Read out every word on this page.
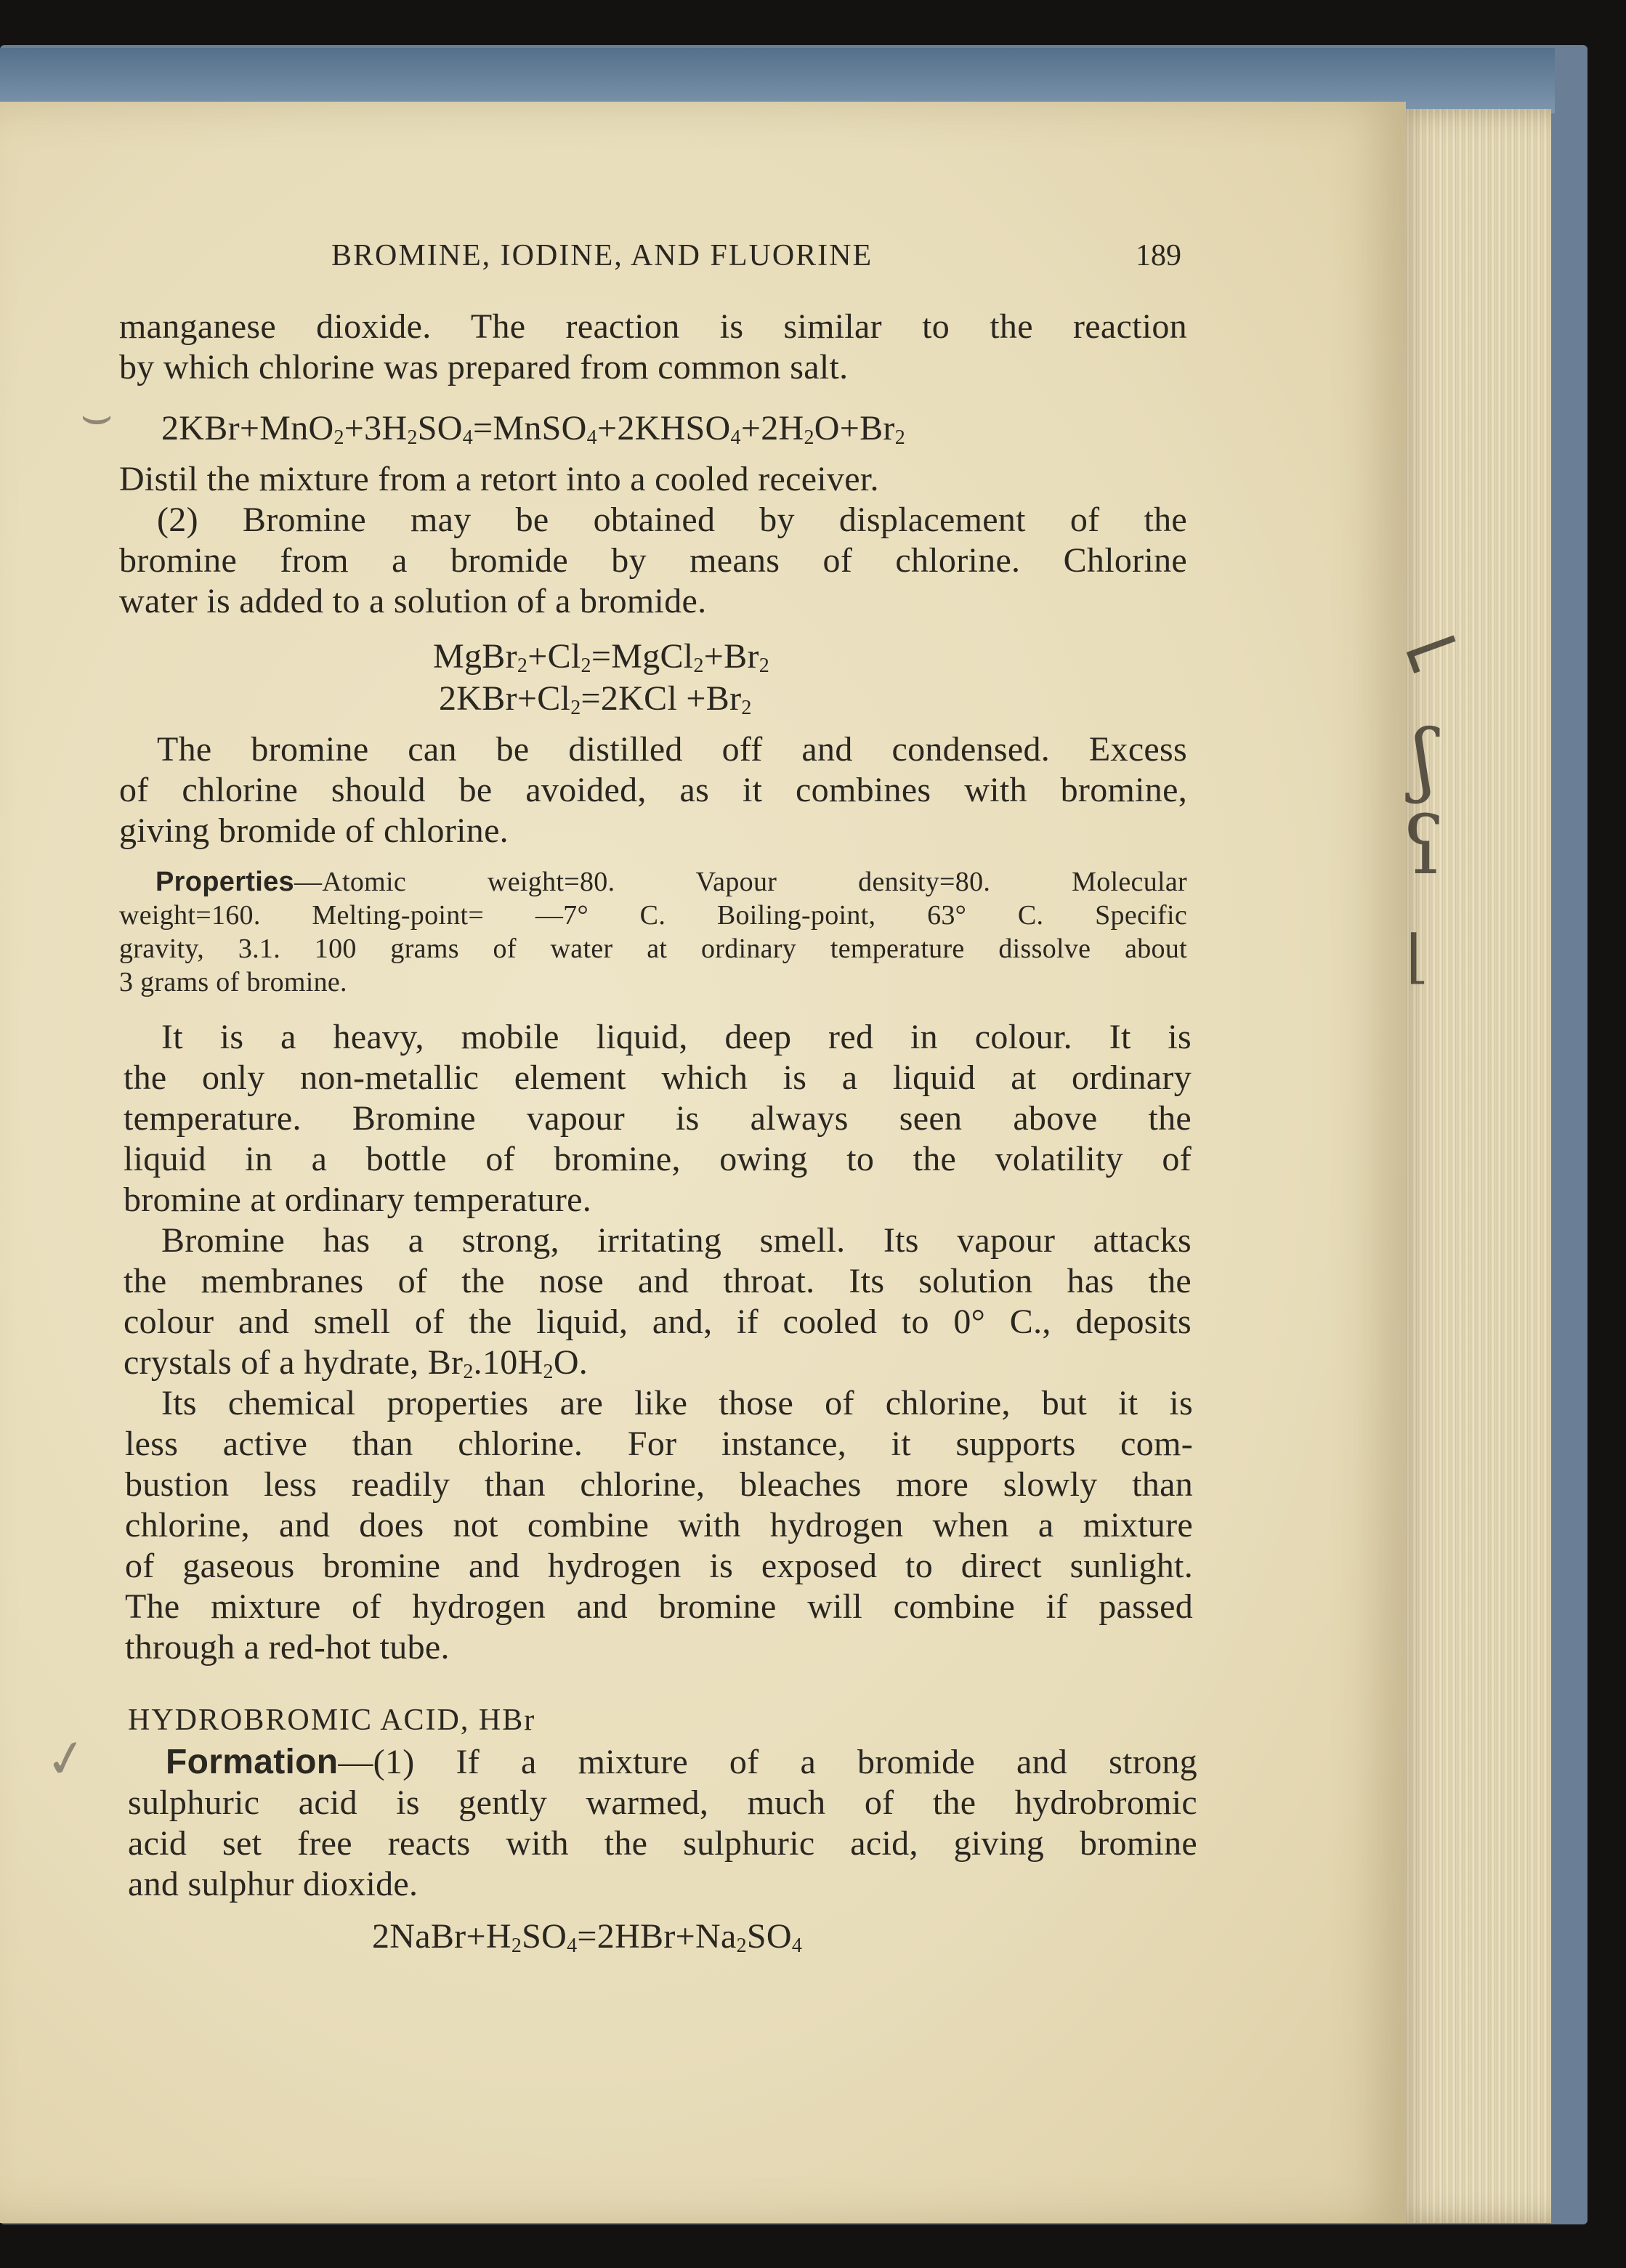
⌐
ʃ
ʕ
⌊
BROMINE, IODINE, AND FLUORINE	189
manganese dioxide. The reaction is similar to the reaction
by which chlorine was prepared from common salt.
⌣ $2KBr+MnO_2+3H_2SO_4=MnSO_4+2KHSO_4+2H_2O+Br_2$
Distil the mixture from a retort into a cooled receiver.
(2) Bromine may be obtained by displacement of the
bromine from a bromide by means of chlorine. Chlorine
water is added to a solution of a bromide.
$MgBr_2+Cl_2=MgCl_2+Br_2$
$2KBr+Cl_2=2KCl +Br_2$
The bromine can be distilled off and condensed. Excess
of chlorine should be avoided, as it combines with bromine,
giving bromide of chlorine.
Properties—Atomic weight=80. Vapour density=80. Molecular
weight=160. Melting-point= —7° C. Boiling-point, 63° C. Specific
gravity, 3.1. 100 grams of water at ordinary temperature dissolve about
3 grams of bromine.
It is a heavy, mobile liquid, deep red in colour. It is
the only non-metallic element which is a liquid at ordinary
temperature. Bromine vapour is always seen above the
liquid in a bottle of bromine, owing to the volatility of
bromine at ordinary temperature.
Bromine has a strong, irritating smell. Its vapour attacks
the membranes of the nose and throat. Its solution has the
colour and smell of the liquid, and, if cooled to 0° C., deposits
crystals of a hydrate, $Br_2.10H_2O$.
Its chemical properties are like those of chlorine, but it is
less active than chlorine. For instance, it supports com-
bustion less readily than chlorine, bleaches more slowly than
chlorine, and does not combine with hydrogen when a mixture
of gaseous bromine and hydrogen is exposed to direct sunlight.
The mixture of hydrogen and bromine will combine if passed
through a red-hot tube.
HYDROBROMIC ACID, HBr
✓ Formation—(1) If a mixture of a bromide and strong
sulphuric acid is gently warmed, much of the hydrobromic
acid set free reacts with the sulphuric acid, giving bromine
and sulphur dioxide.
$2NaBr+H_2SO_4=2HBr+Na_2SO_4$
